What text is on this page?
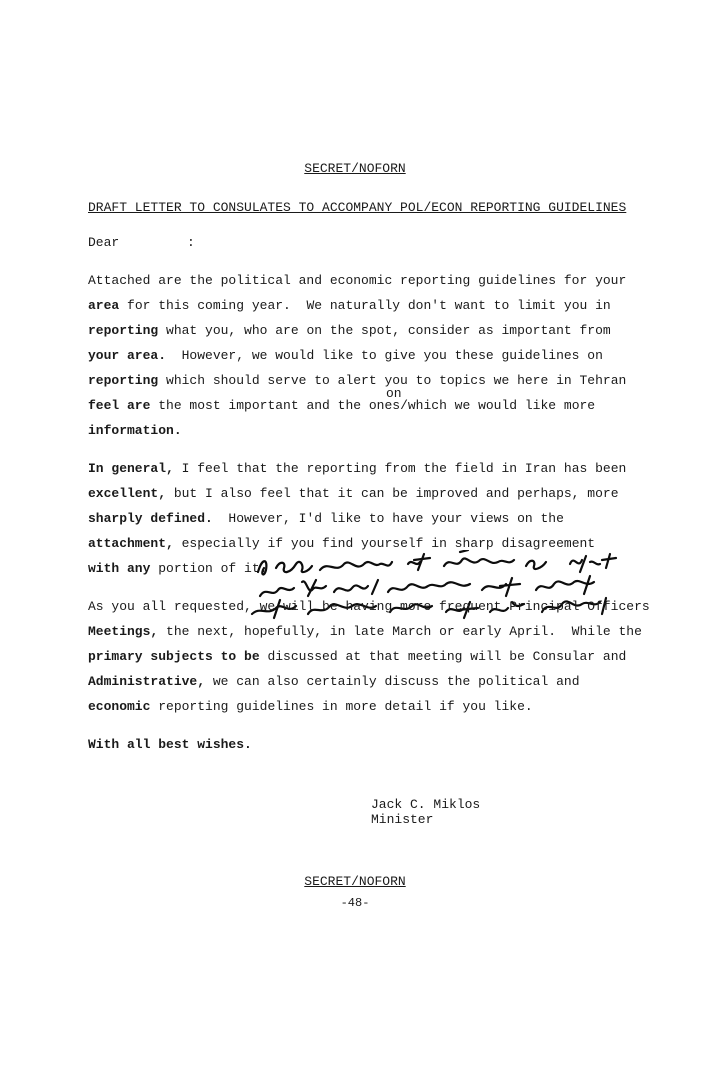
SECRET/NOFORN
DRAFT LETTER TO CONSULATES TO ACCOMPANY POL/ECON REPORTING GUIDELINES
Dear	:
Attached are the political and economic reporting guidelines for your
area for this coming year.  We naturally don't want to limit you in
reporting what you, who are on the spot, consider as important from
your area.  However, we would like to give you these guidelines on
reporting which should serve to alert you to topics we here in Tehran
on
feel are the most important and the ones/which we would like more
information.
In general, I feel that the reporting from the field in Iran has been
excellent, but I also feel that it can be improved and perhaps, more
sharply defined.  However, I'd like to have your views on the
attachment, especially if you find yourself in sharp disagreement
with any portion of it.
As you all requested, we will be having more frequent Principal Officers
Meetings, the next, hopefully, in late March or early April.  While the
primary subjects to be discussed at that meeting will be Consular and
Administrative, we can also certainly discuss the political and
economic reporting guidelines in more detail if you like.
With all best wishes.
Jack C. Miklos
Minister
SECRET/NOFORN
-48-
